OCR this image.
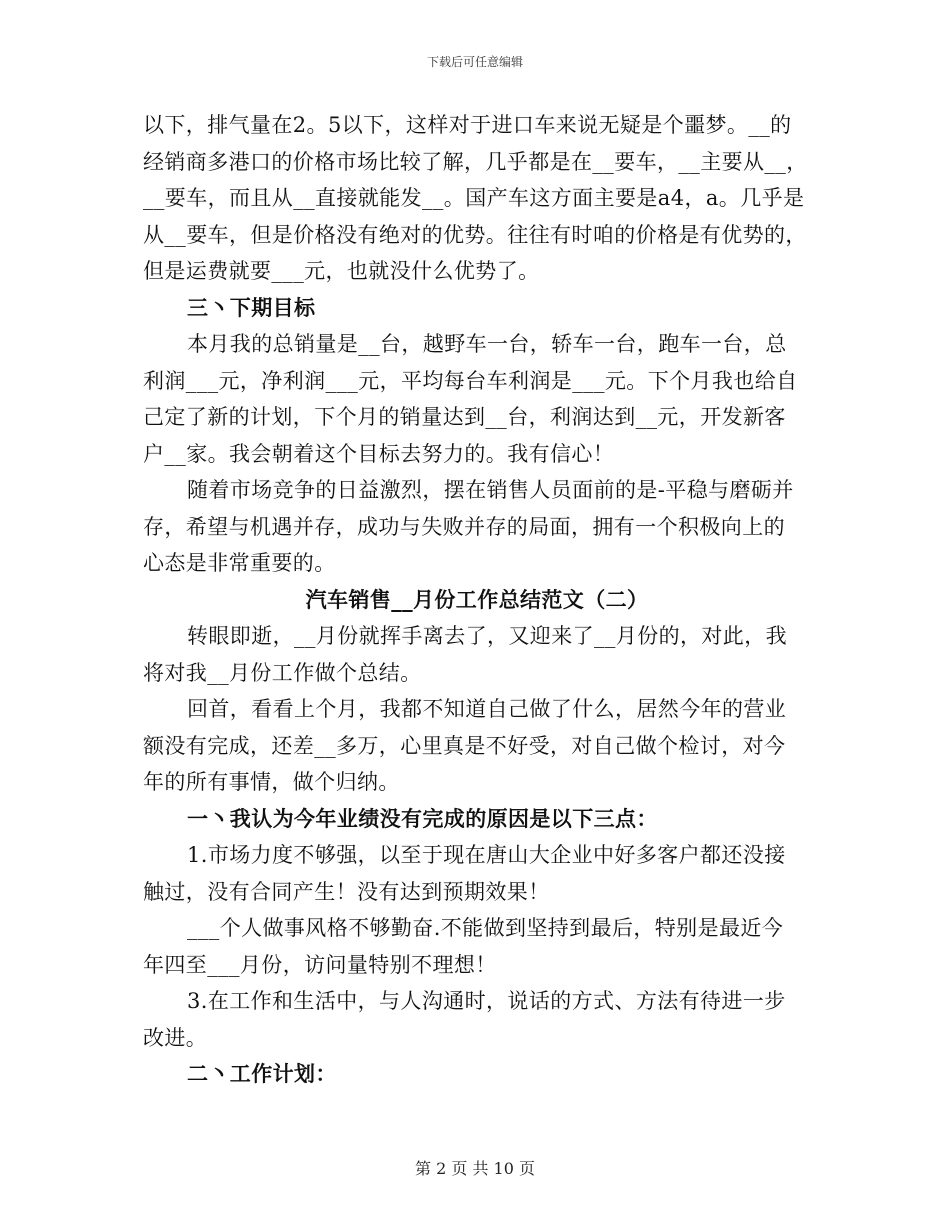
下载后可任意编辑
以下，排气量在2。5以下，这样对于进口车来说无疑是个噩梦。__的
经销商多港口的价格市场比较了解，几乎都是在__要车，__主要从__，
__要车，而且从__直接就能发__。国产车这方面主要是a4，a。几乎是
从__要车，但是价格没有绝对的优势。往往有时咱的价格是有优势的，
但是运费就要___元，也就没什么优势了。
三丶下期目标
本月我的总销量是__台，越野车一台，轿车一台，跑车一台，总
利润___元，净利润___元，平均每台车利润是___元。下个月我也给自
己定了新的计划，下个月的销量达到__台，利润达到__元，开发新客
户__家。我会朝着这个目标去努力的。我有信心！
随着市场竞争的日益激烈，摆在销售人员面前的是-平稳与磨砺并
存，希望与机遇并存，成功与失败并存的局面，拥有一个积极向上的
心态是非常重要的。
汽车销售__月份工作总结范文（二）
转眼即逝，__月份就挥手离去了，又迎来了__月份的，对此，我
将对我__月份工作做个总结。
回首，看看上个月，我都不知道自己做了什么，居然今年的营业
额没有完成，还差__多万，心里真是不好受，对自己做个检讨，对今
年的所有事情，做个归纳。
一丶我认为今年业绩没有完成的原因是以下三点：
1.市场力度不够强，以至于现在唐山大企业中好多客户都还没接
触过，没有合同产生！没有达到预期效果！
___个人做事风格不够勤奋.不能做到坚持到最后，特别是最近今
年四至___月份，访问量特别不理想！
3.在工作和生活中，与人沟通时，说话的方式、方法有待进一步
改进。
二丶工作计划：
第 2 页 共 10 页
